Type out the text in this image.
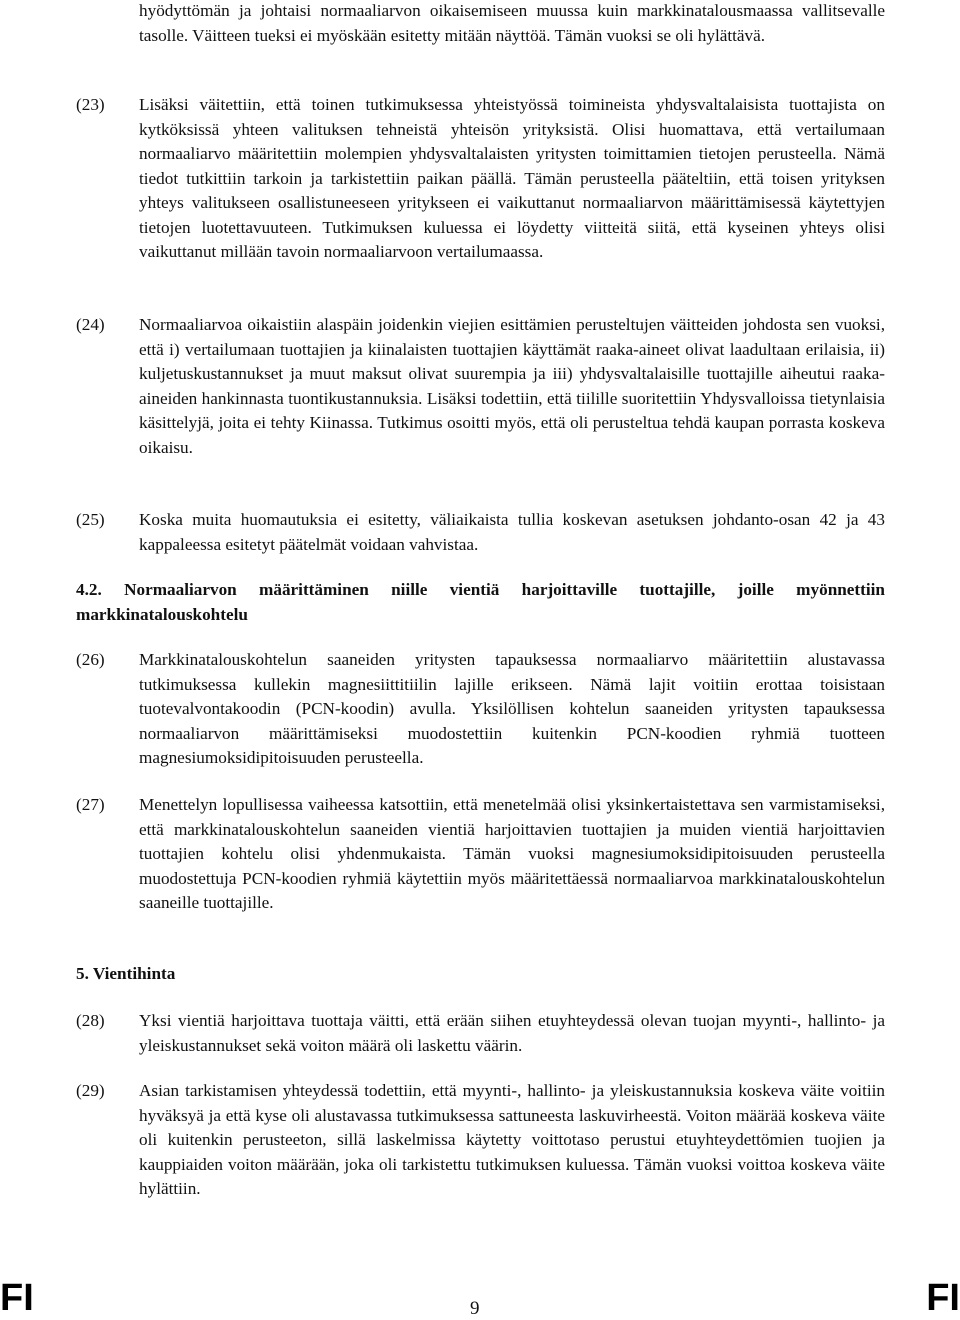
hyödyttömän ja johtaisi normaaliarvon oikaisemiseen muussa kuin markkinatalousmaassa vallitsevalle tasolle. Väitteen tueksi ei myöskään esitetty mitään näyttöä. Tämän vuoksi se oli hylättävä.
(23) Lisäksi väitettiin, että toinen tutkimuksessa yhteistyössä toimineista yhdysvaltalaisista tuottajista on kytköksissä yhteen valituksen tehneistä yhteisön yrityksistä. Olisi huomattava, että vertailumaan normaaliarvo määritettiin molempien yhdysvaltalaisten yritysten toimittamien tietojen perusteella. Nämä tiedot tutkittiin tarkoin ja tarkistettiin paikan päällä. Tämän perusteella pääteltiin, että toisen yrityksen yhteys valitukseen osallistuneeseen yritykseen ei vaikuttanut normaaliarvon määrittämisessä käytettyjen tietojen luotettavuuteen. Tutkimuksen kuluessa ei löydetty viitteitä siitä, että kyseinen yhteys olisi vaikuttanut millään tavoin normaaliarvoon vertailumaassa.
(24) Normaaliarvoa oikaistiin alaspäin joidenkin viejien esittämien perusteltujen väitteiden johdosta sen vuoksi, että i) vertailumaan tuottajien ja kiinalaisten tuottajien käyttämät raaka-aineet olivat laadultaan erilaisia, ii) kuljetuskustannukset ja muut maksut olivat suurempia ja iii) yhdysvaltalaisille tuottajille aiheutui raaka-aineiden hankinnasta tuontikustannuksia. Lisäksi todettiin, että tiilille suoritettiin Yhdysvalloissa tietynlaisia käsittelyjä, joita ei tehty Kiinassa. Tutkimus osoitti myös, että oli perusteltua tehdä kaupan porrasta koskeva oikaisu.
(25) Koska muita huomautuksia ei esitetty, väliaikaista tullia koskevan asetuksen johdanto-osan 42 ja 43 kappaleessa esitetyt päätelmät voidaan vahvistaa.
4.2. Normaaliarvon määrittäminen niille vientiä harjoittaville tuottajille, joille myönnettiin markkinatalouskohtelu
(26) Markkinatalouskohtelun saaneiden yritysten tapauksessa normaaliarvo määritettiin alustavassa tutkimuksessa kullekin magnesiittitiilin lajille erikseen. Nämä lajit voitiin erottaa toisistaan tuotevalvontakoodin (PCN-koodin) avulla. Yksilöllisen kohtelun saaneiden yritysten tapauksessa normaaliarvon määrittämiseksi muodostettiin kuitenkin PCN-koodien ryhmiä tuotteen magnesiumoksidipitoisuuden perusteella.
(27) Menettelyn lopullisessa vaiheessa katsottiin, että menetelmää olisi yksinkertaistettava sen varmistamiseksi, että markkinatalouskohtelun saaneiden vientiä harjoittavien tuottajien ja muiden vientiä harjoittavien tuottajien kohtelu olisi yhdenmukaista. Tämän vuoksi magnesiumoksidipitoisuuden perusteella muodostettuja PCN-koodien ryhmiä käytettiin myös määritettäessä normaaliarvoa markkinatalouskohtelun saaneille tuottajille.
5. Vientihinta
(28) Yksi vientiä harjoittava tuottaja väitti, että erään siihen etuyhteydessä olevan tuojan myynti-, hallinto- ja yleiskustannukset sekä voiton määrä oli laskettu väärin.
(29) Asian tarkistamisen yhteydessä todettiin, että myynti-, hallinto- ja yleiskustannuksia koskeva väite voitiin hyväksyä ja että kyse oli alustavassa tutkimuksessa sattuneesta laskuvirheestä. Voiton määrää koskeva väite oli kuitenkin perusteeton, sillä laskelmissa käytetty voittotaso perustui etuyhteydettömien tuojien ja kauppiaiden voiton määrään, joka oli tarkistettu tutkimuksen kuluessa. Tämän vuoksi voittoa koskeva väite hylättiin.
FI	9	FI
